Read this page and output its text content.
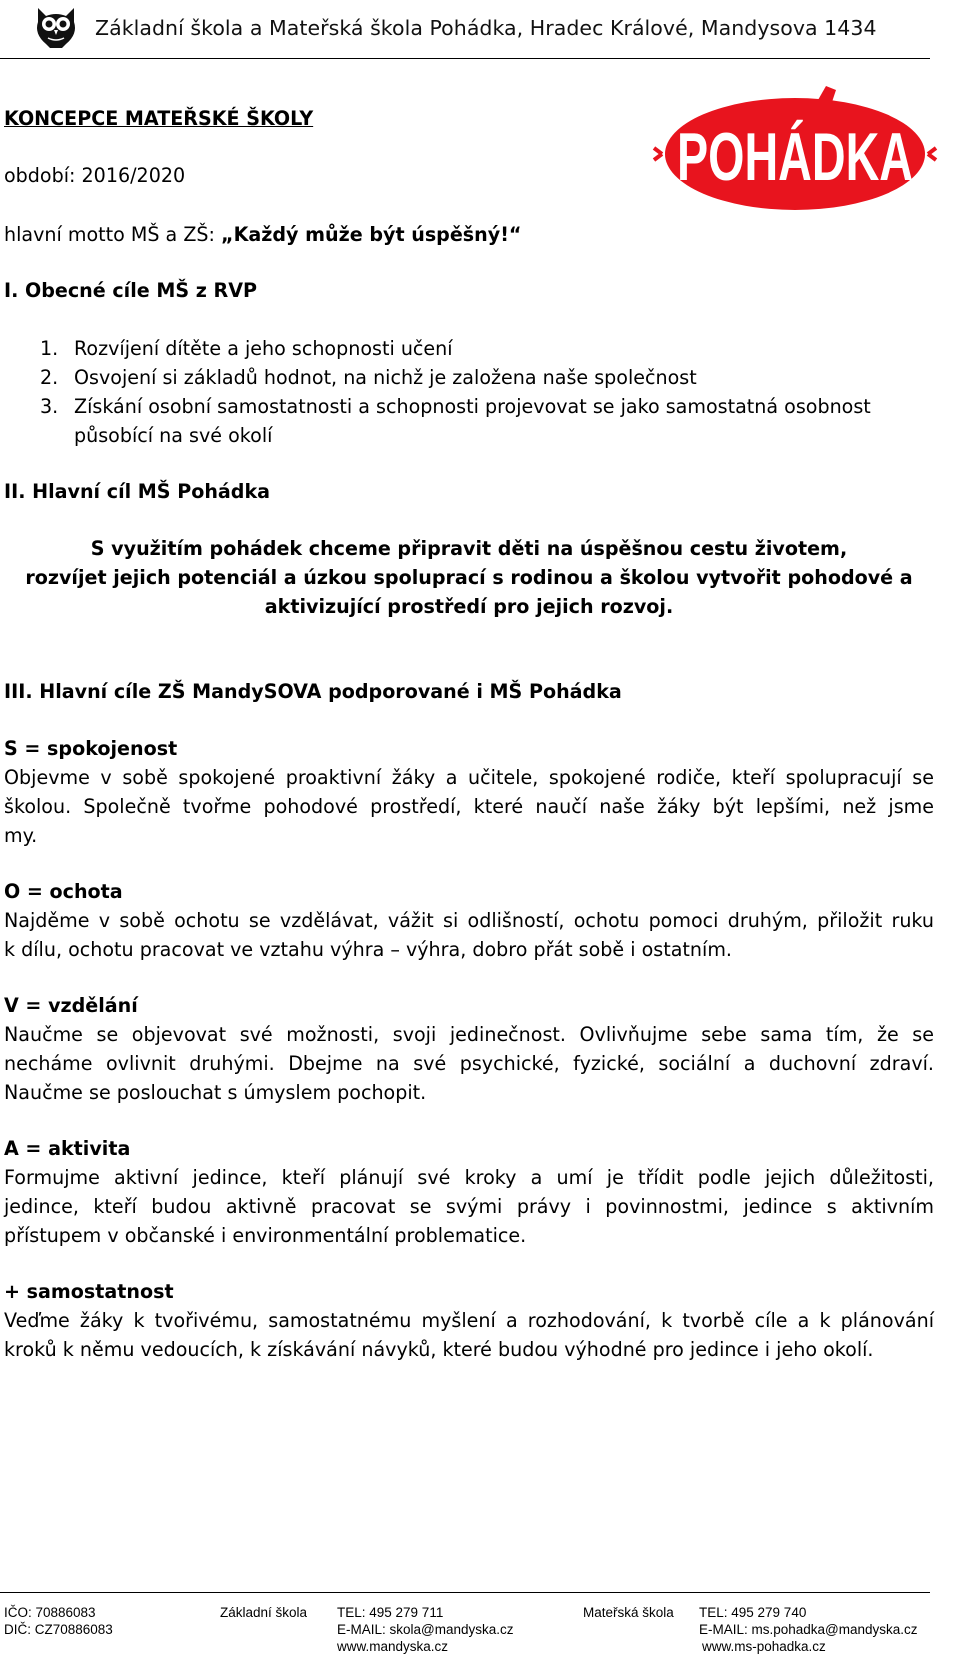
Základní škola a Mateřská škola Pohádka, Hradec Králové, Mandysova 1434
POHÁDKA
KONCEPCE MATEŘSKÉ ŠKOLY
období: 2016/2020
hlavní motto MŠ a ZŠ: „Každý může být úspěšný!“
I. Obecné cíle MŠ z RVP
1. Rozvíjení dítěte a jeho schopnosti učení
2. Osvojení si základů hodnot, na nichž je založena naše společnost
3. Získání osobní samostatnosti a schopnosti projevovat se jako samostatná osobnost
působící na své okolí
II. Hlavní cíl MŠ Pohádka
S využitím pohádek chceme připravit děti na úspěšnou cestu životem,
rozvíjet jejich potenciál a úzkou spoluprací s rodinou a školou vytvořit pohodové a
aktivizující prostředí pro jejich rozvoj.
III. Hlavní cíle ZŠ MandySOVA podporované i MŠ Pohádka
S = spokojenost
Objevme v sobě spokojené proaktivní žáky a učitele, spokojené rodiče, kteří spolupracují se
školou. Společně tvořme pohodové prostředí, které naučí naše žáky být lepšími, než jsme
my.
O = ochota
Najděme v sobě ochotu se vzdělávat, vážit si odlišností, ochotu pomoci druhým, přiložit ruku
k dílu, ochotu pracovat ve vztahu výhra – výhra, dobro přát sobě i ostatním.
V = vzdělání
Naučme se objevovat své možnosti, svoji jedinečnost. Ovlivňujme sebe sama tím, že se
necháme ovlivnit druhými. Dbejme na své psychické, fyzické, sociální a duchovní zdraví.
Naučme se poslouchat s úmyslem pochopit.
A = aktivita
Formujme aktivní jedince, kteří plánují své kroky a umí je třídit podle jejich důležitosti,
jedince, kteří budou aktivně pracovat se svými právy i povinnostmi, jedince s aktivním
přístupem v občanské i environmentální problematice.
+ samostatnost
Veďme žáky k tvořivému, samostatnému myšlení a rozhodování, k tvorbě cíle a k plánování
kroků k němu vedoucích, k získávání návyků, které budou výhodné pro jedince i jeho okolí.
IČO: 70886083
DIČ: CZ70886083
Základní škola TEL: 495 279 711
E-MAIL: skola@mandyska.cz
www.mandyska.cz
Mateřská škola TEL: 495 279 740
E-MAIL: ms.pohadka@mandyska.cz
www.ms-pohadka.cz
